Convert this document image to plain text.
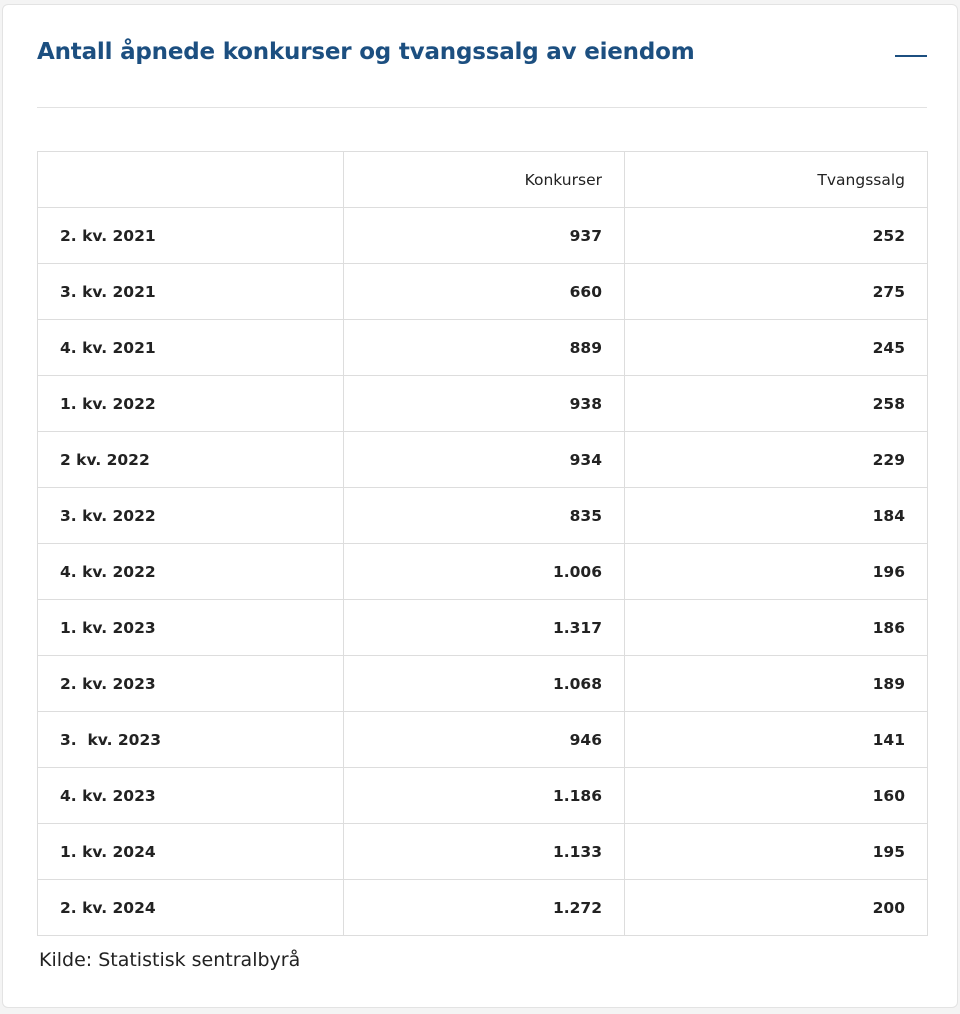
Antall åpnede konkurser og tvangssalg av eiendom
	Konkurser	Tvangssalg
2. kv. 2021	937	252
3. kv. 2021	660	275
4. kv. 2021	889	245
1. kv. 2022	938	258
2 kv. 2022	934	229
3. kv. 2022	835	184
4. kv. 2022	1.006	196
1. kv. 2023	1.317	186
2. kv. 2023	1.068	189
3.  kv. 2023	946	141
4. kv. 2023	1.186	160
1. kv. 2024	1.133	195
2. kv. 2024	1.272	200

Kilde: Statistisk sentralbyrå
